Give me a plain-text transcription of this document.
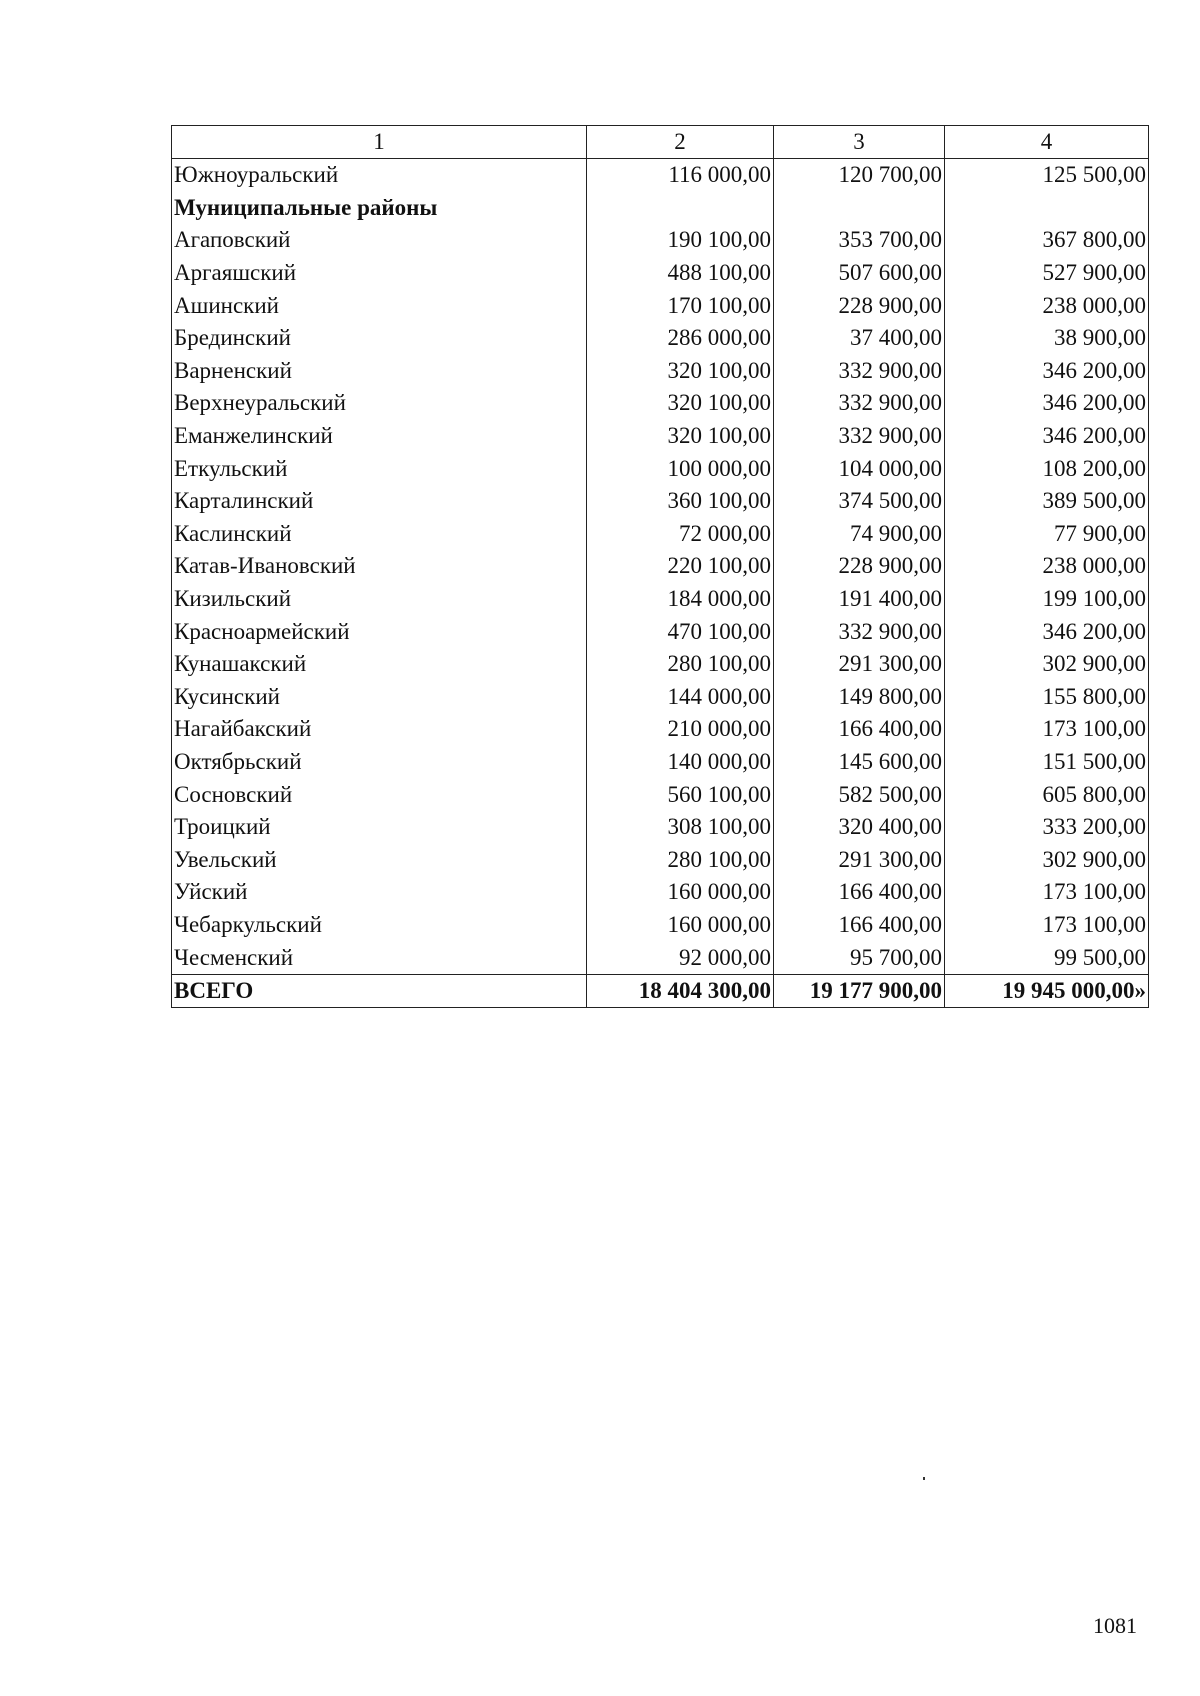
1	2	3	4
Южноуральский	116 000,00	120 700,00	125 500,00
Муниципальные районы			
Агаповский	190 100,00	353 700,00	367 800,00
Аргаяшский	488 100,00	507 600,00	527 900,00
Ашинский	170 100,00	228 900,00	238 000,00
Брединский	286 000,00	37 400,00	38 900,00
Варненский	320 100,00	332 900,00	346 200,00
Верхнеуральский	320 100,00	332 900,00	346 200,00
Еманжелинский	320 100,00	332 900,00	346 200,00
Еткульский	100 000,00	104 000,00	108 200,00
Карталинский	360 100,00	374 500,00	389 500,00
Каслинский	72 000,00	74 900,00	77 900,00
Катав-Ивановский	220 100,00	228 900,00	238 000,00
Кизильский	184 000,00	191 400,00	199 100,00
Красноармейский	470 100,00	332 900,00	346 200,00
Кунашакский	280 100,00	291 300,00	302 900,00
Кусинский	144 000,00	149 800,00	155 800,00
Нагайбакский	210 000,00	166 400,00	173 100,00
Октябрьский	140 000,00	145 600,00	151 500,00
Сосновский	560 100,00	582 500,00	605 800,00
Троицкий	308 100,00	320 400,00	333 200,00
Увельский	280 100,00	291 300,00	302 900,00
Уйский	160 000,00	166 400,00	173 100,00
Чебаркульский	160 000,00	166 400,00	173 100,00
Чесменский	92 000,00	95 700,00	99 500,00
ВСЕГО	18 404 300,00	19 177 900,00	19 945 000,00»
1081
